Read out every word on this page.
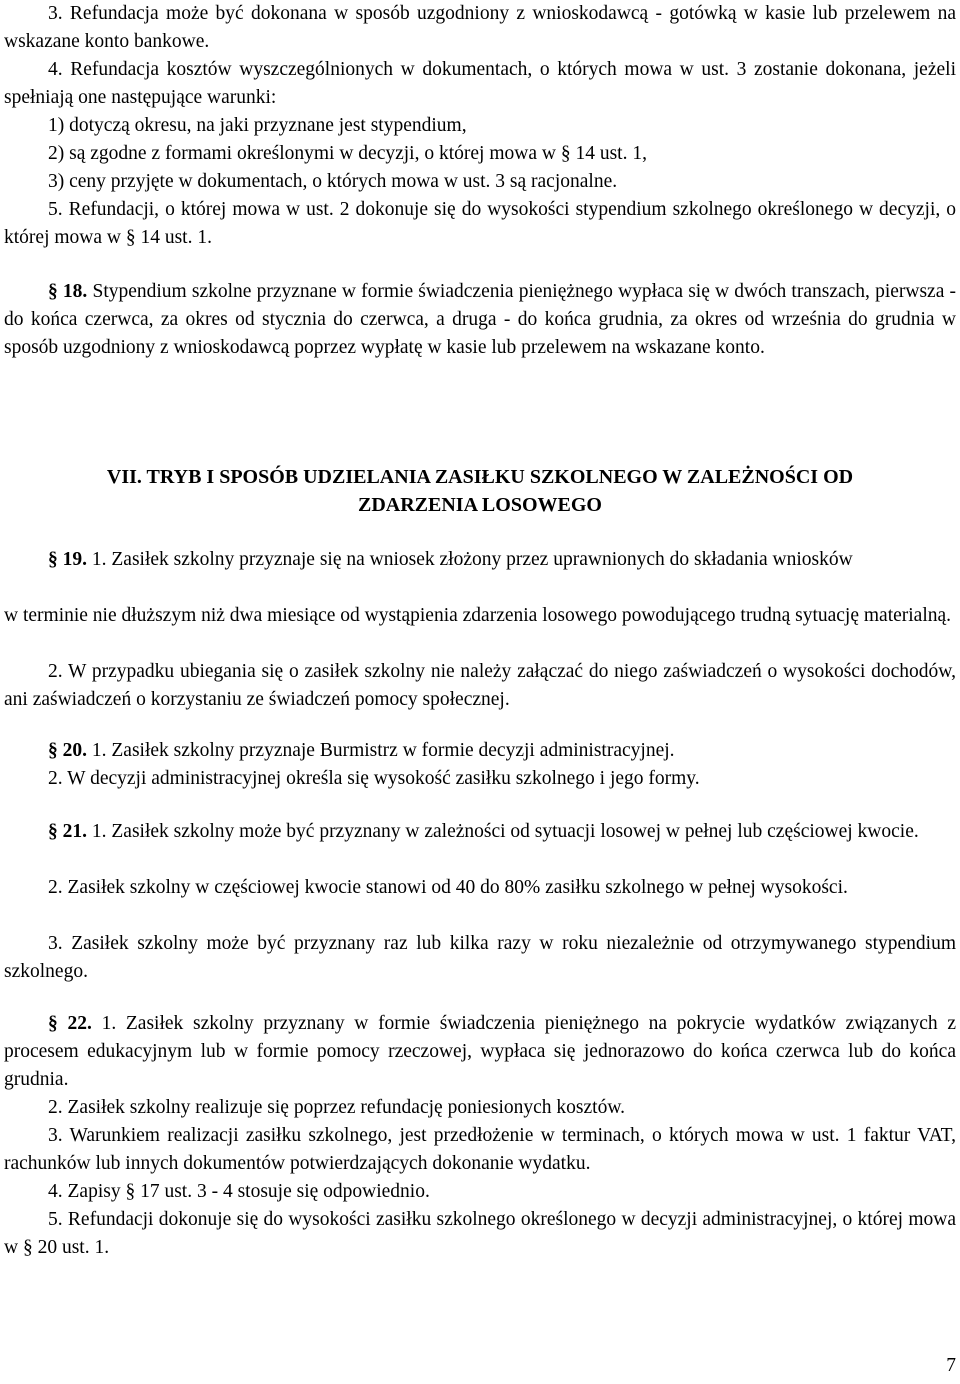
3. Refundacja może być dokonana w sposób uzgodniony z wnioskodawcą - gotówką w kasie lub przelewem na wskazane konto bankowe.

4. Refundacja kosztów wyszczególnionych w dokumentach, o których mowa w ust. 3 zostanie dokonana, jeżeli spełniają one następujące warunki:

1) dotyczą okresu, na jaki przyznane jest stypendium,
2) są zgodne z formami określonymi w decyzji, o której mowa w § 14 ust. 1,
3) ceny przyjęte w dokumentach, o których mowa w ust. 3 są racjonalne.

5. Refundacji, o której mowa w ust. 2 dokonuje się do wysokości stypendium szkolnego określonego w decyzji, o której mowa w § 14 ust. 1.

§ 18. Stypendium szkolne przyznane w formie świadczenia pieniężnego wypłaca się w dwóch transzach, pierwsza - do końca czerwca, za okres od stycznia do czerwca, a druga - do końca grudnia, za okres od września do grudnia w sposób uzgodniony z wnioskodawcą poprzez wypłatę w kasie lub przelewem na wskazane konto.

VII. TRYB I SPOSÓB UDZIELANIA ZASIŁKU SZKOLNEGO W ZALEŻNOŚCI OD
ZDARZENIA LOSOWEGO

§ 19. 1. Zasiłek szkolny przyznaje się na wniosek złożony przez uprawnionych do składania wniosków

w terminie nie dłuższym niż dwa miesiące od wystąpienia zdarzenia losowego powodującego trudną sytuację materialną.

2. W przypadku ubiegania się o zasiłek szkolny nie należy załączać do niego zaświadczeń o wysokości dochodów, ani zaświadczeń o korzystaniu ze świadczeń pomocy społecznej.

§ 20. 1. Zasiłek szkolny przyznaje Burmistrz w formie decyzji administracyjnej.

2. W decyzji administracyjnej określa się wysokość zasiłku szkolnego i jego formy.

§ 21. 1. Zasiłek szkolny może być przyznany w zależności od sytuacji losowej w pełnej lub częściowej kwocie.

2. Zasiłek szkolny w częściowej kwocie stanowi od 40 do 80% zasiłku szkolnego w pełnej wysokości.

3. Zasiłek szkolny może być przyznany raz lub kilka razy w roku niezależnie od otrzymywanego stypendium szkolnego.

§ 22. 1. Zasiłek szkolny przyznany w formie świadczenia pieniężnego na pokrycie wydatków związanych z procesem edukacyjnym lub w formie pomocy rzeczowej, wypłaca się jednorazowo do końca czerwca lub do końca grudnia.

2. Zasiłek szkolny realizuje się poprzez refundację poniesionych kosztów.

3. Warunkiem realizacji zasiłku szkolnego, jest przedłożenie w terminach, o których mowa w ust. 1 faktur VAT, rachunków lub innych dokumentów potwierdzających dokonanie wydatku.

4. Zapisy § 17 ust. 3 - 4 stosuje się odpowiednio.

5. Refundacji dokonuje się do wysokości zasiłku szkolnego określonego w decyzji administracyjnej, o której mowa w § 20 ust. 1.

7
